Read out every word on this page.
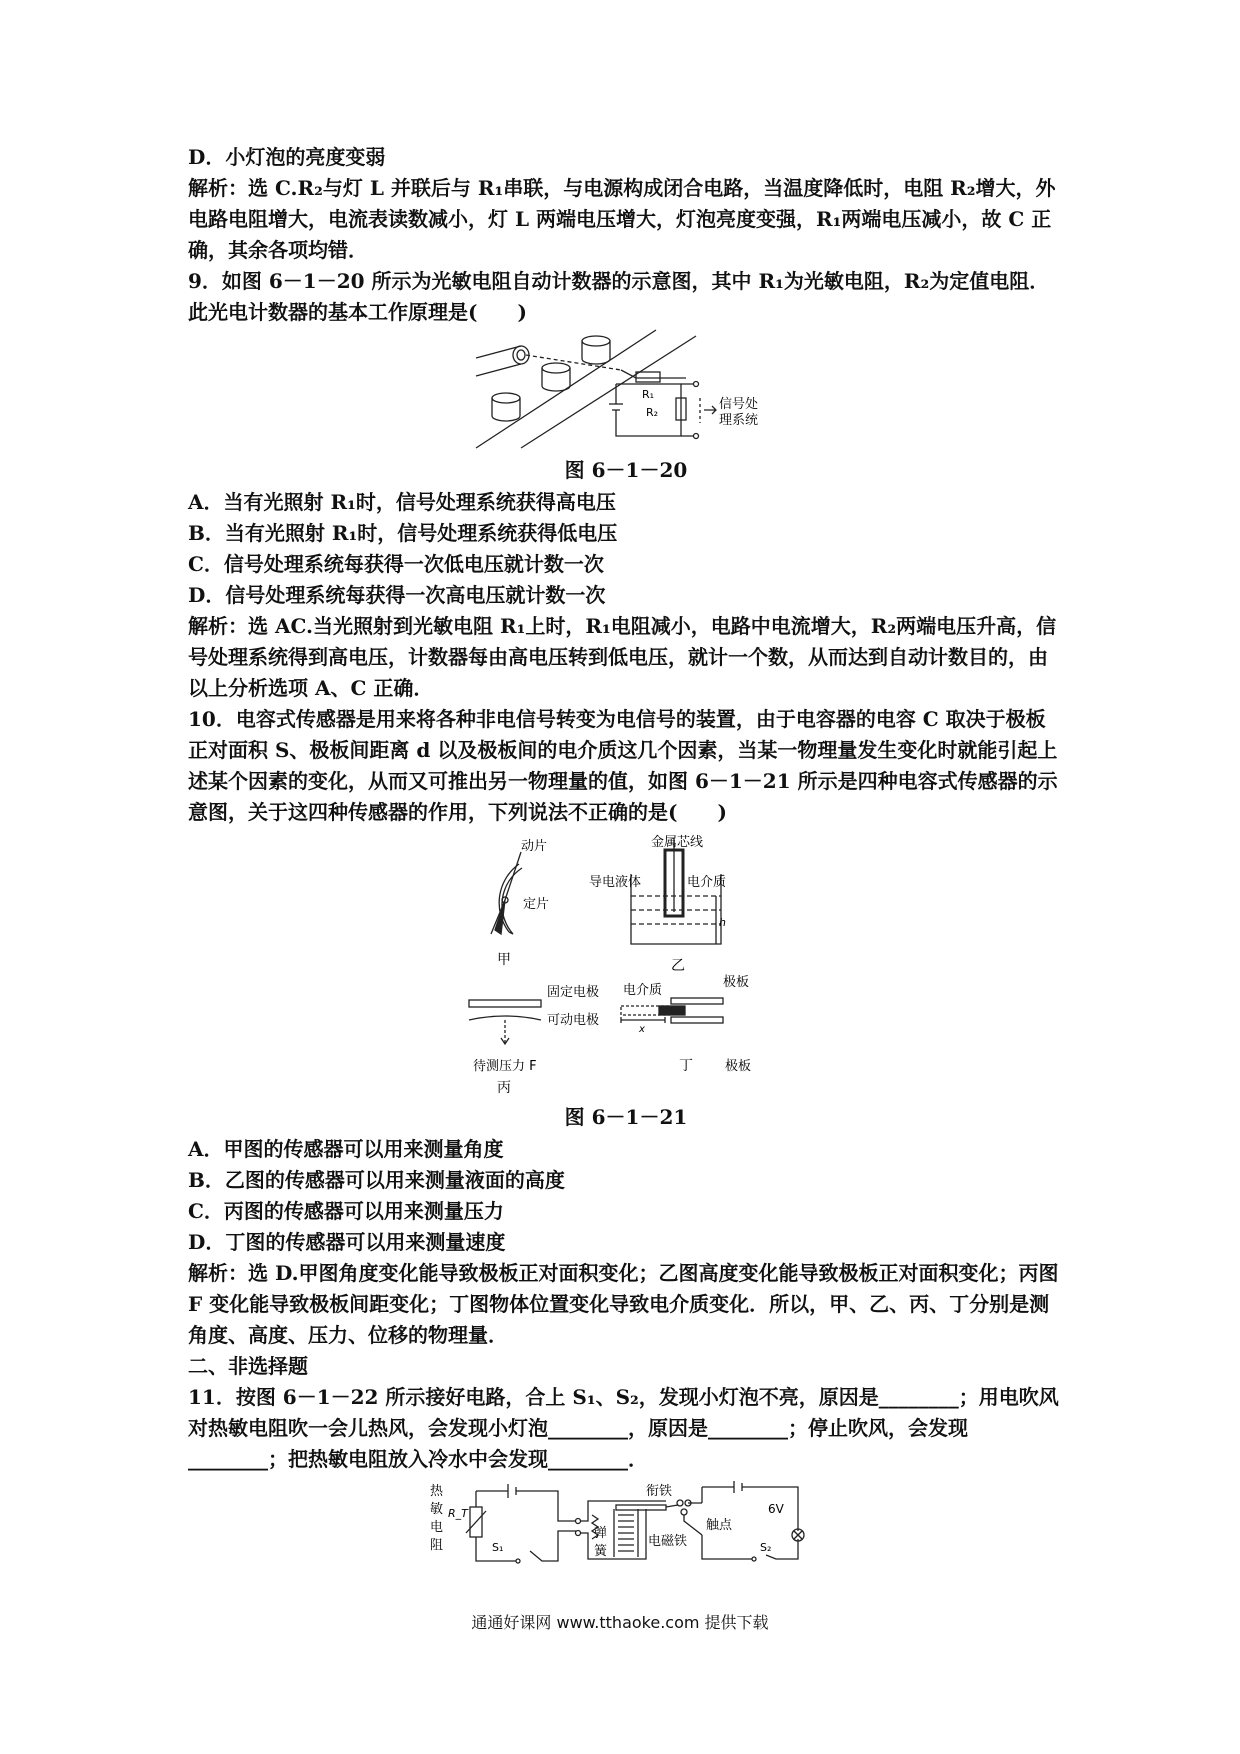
D．小灯泡的亮度变弱

解析：选 C.R₂与灯 L 并联后与 R₁串联，与电源构成闭合电路，当温度降低时，电阻 R₂增大，外电路电阻增大，电流表读数减小，灯 L 两端电压增大，灯泡亮度变强，R₁两端电压减小，故 C 正确，其余各项均错．

9．如图 6－1－20 所示为光敏电阻自动计数器的示意图，其中 R₁为光敏电阻，R₂为定值电阻．此光电计数器的基本工作原理是(　　)

R₁
R₂
信号处
理系统

图 6－1－20

A．当有光照射 R₁时，信号处理系统获得高电压

B．当有光照射 R₁时，信号处理系统获得低电压

C．信号处理系统每获得一次低电压就计数一次

D．信号处理系统每获得一次高电压就计数一次

解析：选 AC.当光照射到光敏电阻 R₁上时，R₁电阻减小，电路中电流增大，R₂两端电压升高，信号处理系统得到高电压，计数器每由高电压转到低电压，就计一个数，从而达到自动计数目的，由以上分析选项 A、C 正确．

10．电容式传感器是用来将各种非电信号转变为电信号的装置，由于电容器的电容 C 取决于极板正对面积 S、极板间距离 d 以及极板间的电介质这几个因素，当某一物理量发生变化时就能引起上述某个因素的变化，从而又可推出另一物理量的值，如图 6－1－21 所示是四种电容式传感器的示意图，关于这四种传感器的作用，下列说法不正确的是(　　)

动片
定片
甲
金属芯线
导电液体	电介质
h
乙
固定电极
可动电极
待测压力 F
丙
电介质
极板
x
丁 极板

图 6－1－21

A．甲图的传感器可以用来测量角度

B．乙图的传感器可以用来测量液面的高度

C．丙图的传感器可以用来测量压力

D．丁图的传感器可以用来测量速度

解析：选 D.甲图角度变化能导致极板正对面积变化；乙图高度变化能导致极板正对面积变化；丙图 F 变化能导致极板间距变化；丁图物体位置变化导致电介质变化．所以，甲、乙、丙、丁分别是测角度、高度、压力、位移的物理量．

二、非选择题

11．按图 6－1－22 所示接好电路，合上 S₁、S₂，发现小灯泡不亮，原因是________；用电吹风对热敏电阻吹一会儿热风，会发现小灯泡________，原因是________；停止吹风，会发现________；把热敏电阻放入冷水中会发现________．

热
敏
电
阻
R_T
S₁
弹
簧
衔铁
电磁铁
触点
6V
S₂
通通好课网 www.tthaoke.com 提供下载
